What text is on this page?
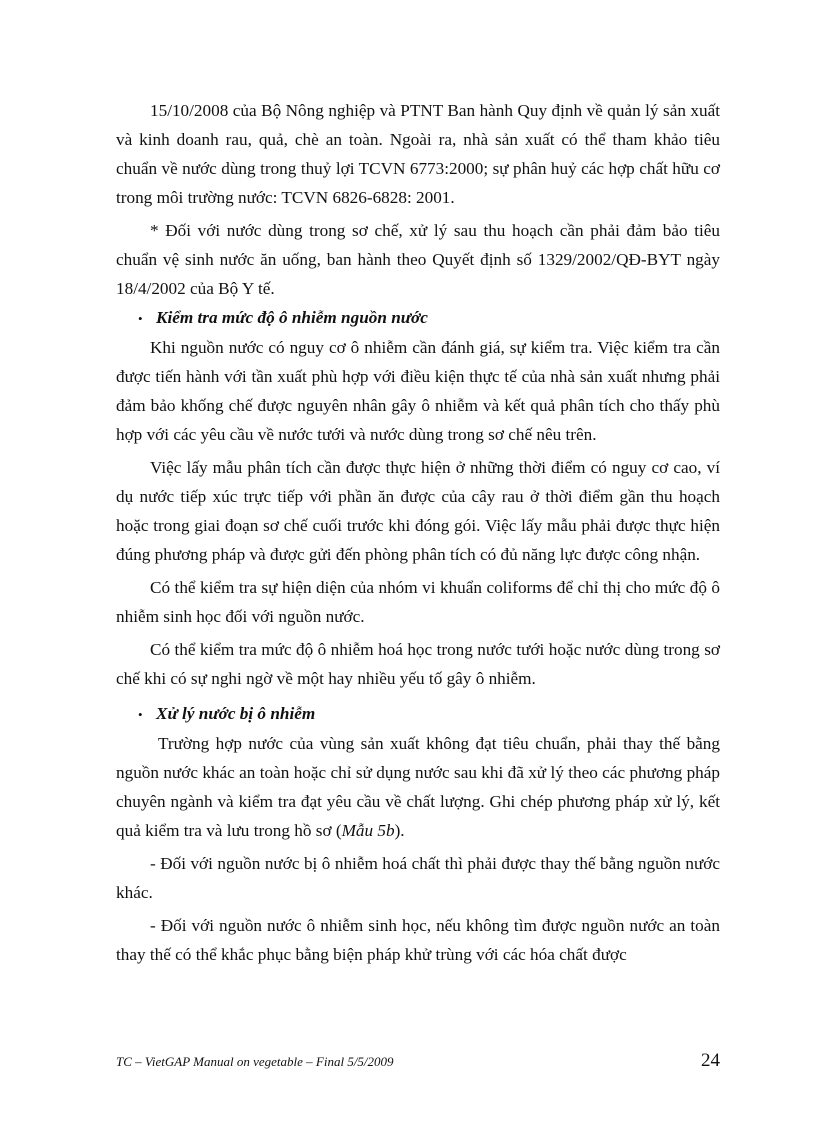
15/10/2008 của Bộ Nông nghiệp và PTNT Ban hành Quy định về quản lý sản xuất và kinh doanh rau, quả, chè an toàn. Ngoài ra, nhà sản xuất có thể tham khảo tiêu chuẩn về nước dùng trong thuỷ lợi TCVN 6773:2000; sự phân huỷ các hợp chất hữu cơ trong môi trường nước: TCVN 6826-6828: 2001.

* Đối với nước dùng trong sơ chế, xử lý sau thu hoạch cần phải đảm bảo tiêu chuẩn vệ sinh nước ăn uống, ban hành theo Quyết định số 1329/2002/QĐ-BYT ngày 18/4/2002 của Bộ Y tế.

• Kiểm tra mức độ ô nhiễm nguồn nước

Khi nguồn nước có nguy cơ ô nhiễm cần đánh giá, sự kiểm tra. Việc kiểm tra cần được tiến hành với tần xuất phù hợp với điều kiện thực tế của nhà sản xuất nhưng phải đảm bảo khống chế được nguyên nhân gây ô nhiễm và kết quả phân tích cho thấy phù hợp với các yêu cầu về nước tưới và nước dùng trong sơ chế nêu trên.

Việc lấy mẫu phân tích cần được thực hiện ở những thời điểm có nguy cơ cao, ví dụ nước tiếp xúc trực tiếp với phần ăn được của cây rau ở thời điểm gần thu hoạch hoặc trong giai đoạn sơ chế cuối trước khi đóng gói. Việc lấy mẫu phải được thực hiện đúng phương pháp và được gửi đến phòng phân tích có đủ năng lực được công nhận.

Có thể kiểm tra sự hiện diện của nhóm vi khuẩn coliforms để chỉ thị cho mức độ ô nhiễm sinh học đối với nguồn nước.

Có thể kiểm tra mức độ ô nhiễm hoá học trong nước tưới hoặc nước dùng trong sơ chế khi có sự nghi ngờ về một hay nhiều yếu tố gây ô nhiễm.

• Xử lý nước bị ô nhiễm

Trường hợp nước của vùng sản xuất không đạt tiêu chuẩn, phải thay thế bằng nguồn nước khác an toàn hoặc chỉ sử dụng nước sau khi đã xử lý theo các phương pháp chuyên ngành và kiểm tra đạt yêu cầu về chất lượng. Ghi chép phương pháp xử lý, kết quả kiểm tra và lưu trong hồ sơ (Mẫu 5b).

- Đối với nguồn nước bị ô nhiễm hoá chất thì phải được thay thế bằng nguồn nước khác.

- Đối với nguồn nước ô nhiễm sinh học, nếu không tìm được nguồn nước an toàn thay thế có thể khắc phục bằng biện pháp khử trùng với các hóa chất được

TC – VietGAP Manual on vegetable – Final 5/5/2009	24
